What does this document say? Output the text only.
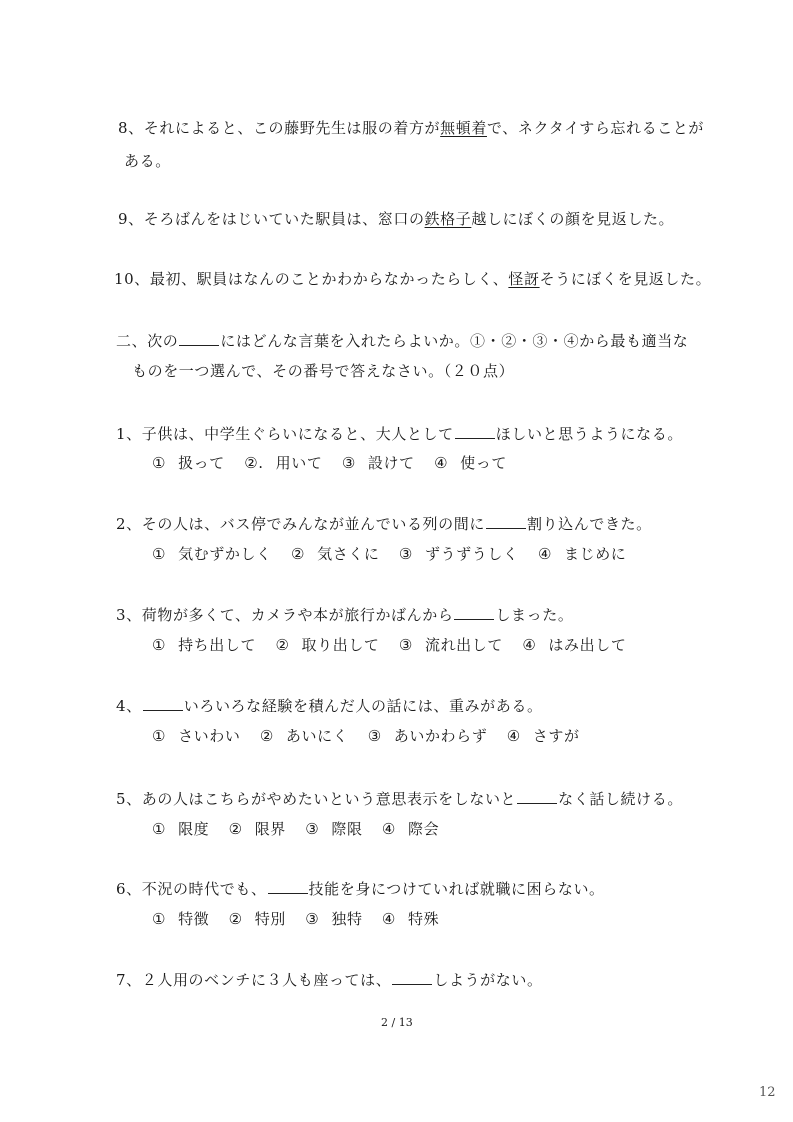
8、それによると、この藤野先生は服の着方が無頓着で、ネクタイすら忘れることが
ある。
9、そろばんをはじいていた駅員は、窓口の鉄格子越しにぼくの顔を見返した。
10、最初、駅員はなんのことかわからなかったらしく、怪訝そうにぼくを見返した。
二、次の	にはどんな言葉を入れたらよいか。①・②・③・④から最も適当な
ものを一つ選んで、その番号で答えなさい。（２０点）
1、子供は、中学生ぐらいになると、大人として	ほしいと思うようになる。
① 扱って ②. 用いて ③ 設けて ④ 使って
2、その人は、バス停でみんなが並んでいる列の間に	割り込んできた。
① 気むずかしく ② 気さくに ③ ずうずうしく ④ まじめに
3、荷物が多くて、カメラや本が旅行かばんから	しまった。
① 持ち出して ② 取り出して ③ 流れ出して ④ はみ出して
4、	いろいろな経験を積んだ人の話には、重みがある。
① さいわい ② あいにく ③ あいかわらず ④ さすが
5、あの人はこちらがやめたいという意思表示をしないと	なく話し続ける。
① 限度 ② 限界 ③ 際限 ④ 際会
6、不況の時代でも、	技能を身につけていれば就職に困らない。
① 特徴 ② 特別 ③ 独特 ④ 特殊
7、２人用のベンチに３人も座っては、	しようがない。
2 / 13
12
